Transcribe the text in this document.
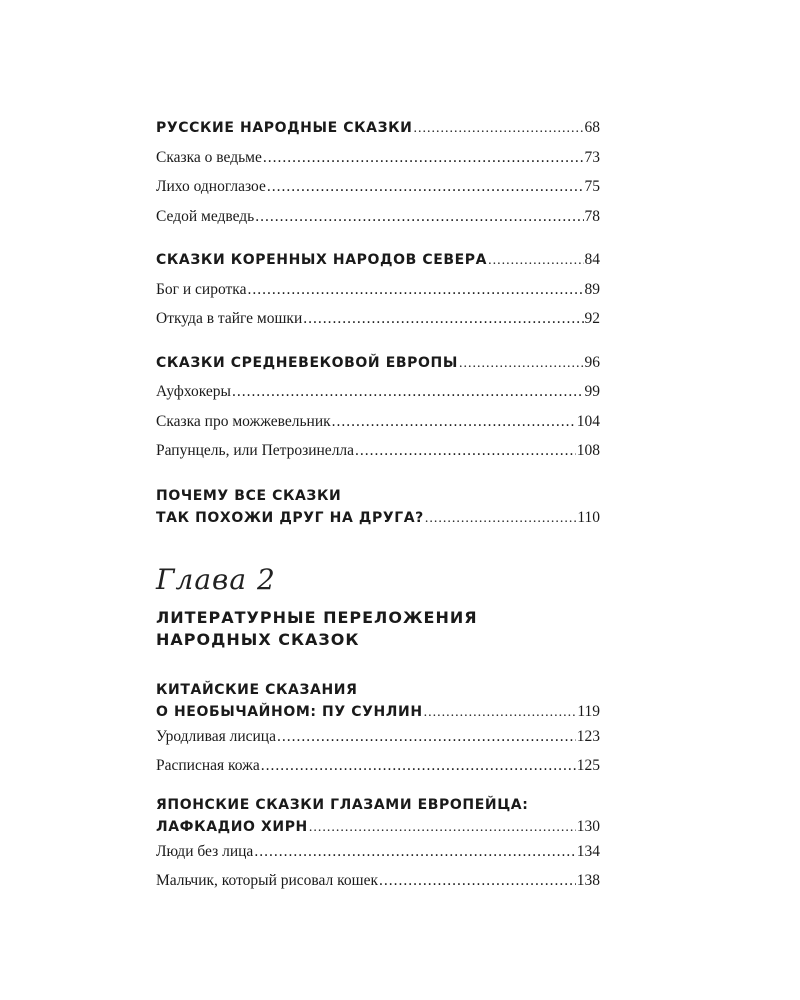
РУССКИЕ НАРОДНЫЕ СКАЗКИ .....	68
Сказка о ведьме .....	73
Лихо одноглазое .....	75
Седой медведь .....	78
СКАЗКИ КОРЕННЫХ НАРОДОВ СЕВЕРА .....	84
Бог и сиротка .....	89
Откуда в тайге мошки .....	92
СКАЗКИ СРЕДНЕВЕКОВОЙ ЕВРОПЫ .....	96
Ауфхокеры .....	99
Сказка про можжевельник .....	104
Рапунцель, или Петрозинелла .....	108
ПОЧЕМУ ВСЕ СКАЗКИ
ТАК ПОХОЖИ ДРУГ НА ДРУГА? .....	110
Глава 2
ЛИТЕРАТУРНЫЕ ПЕРЕЛОЖЕНИЯ
НАРОДНЫХ СКАЗОК
КИТАЙСКИЕ СКАЗАНИЯ
О НЕОБЫЧАЙНОМ: ПУ СУНЛИН .....	119
Уродливая лисица .....	123
Расписная кожа .....	125
ЯПОНСКИЕ СКАЗКИ ГЛАЗАМИ ЕВРОПЕЙЦА:
ЛАФКАДИО ХИРН .....	130
Люди без лица .....	134
Мальчик, который рисовал кошек .....	138
